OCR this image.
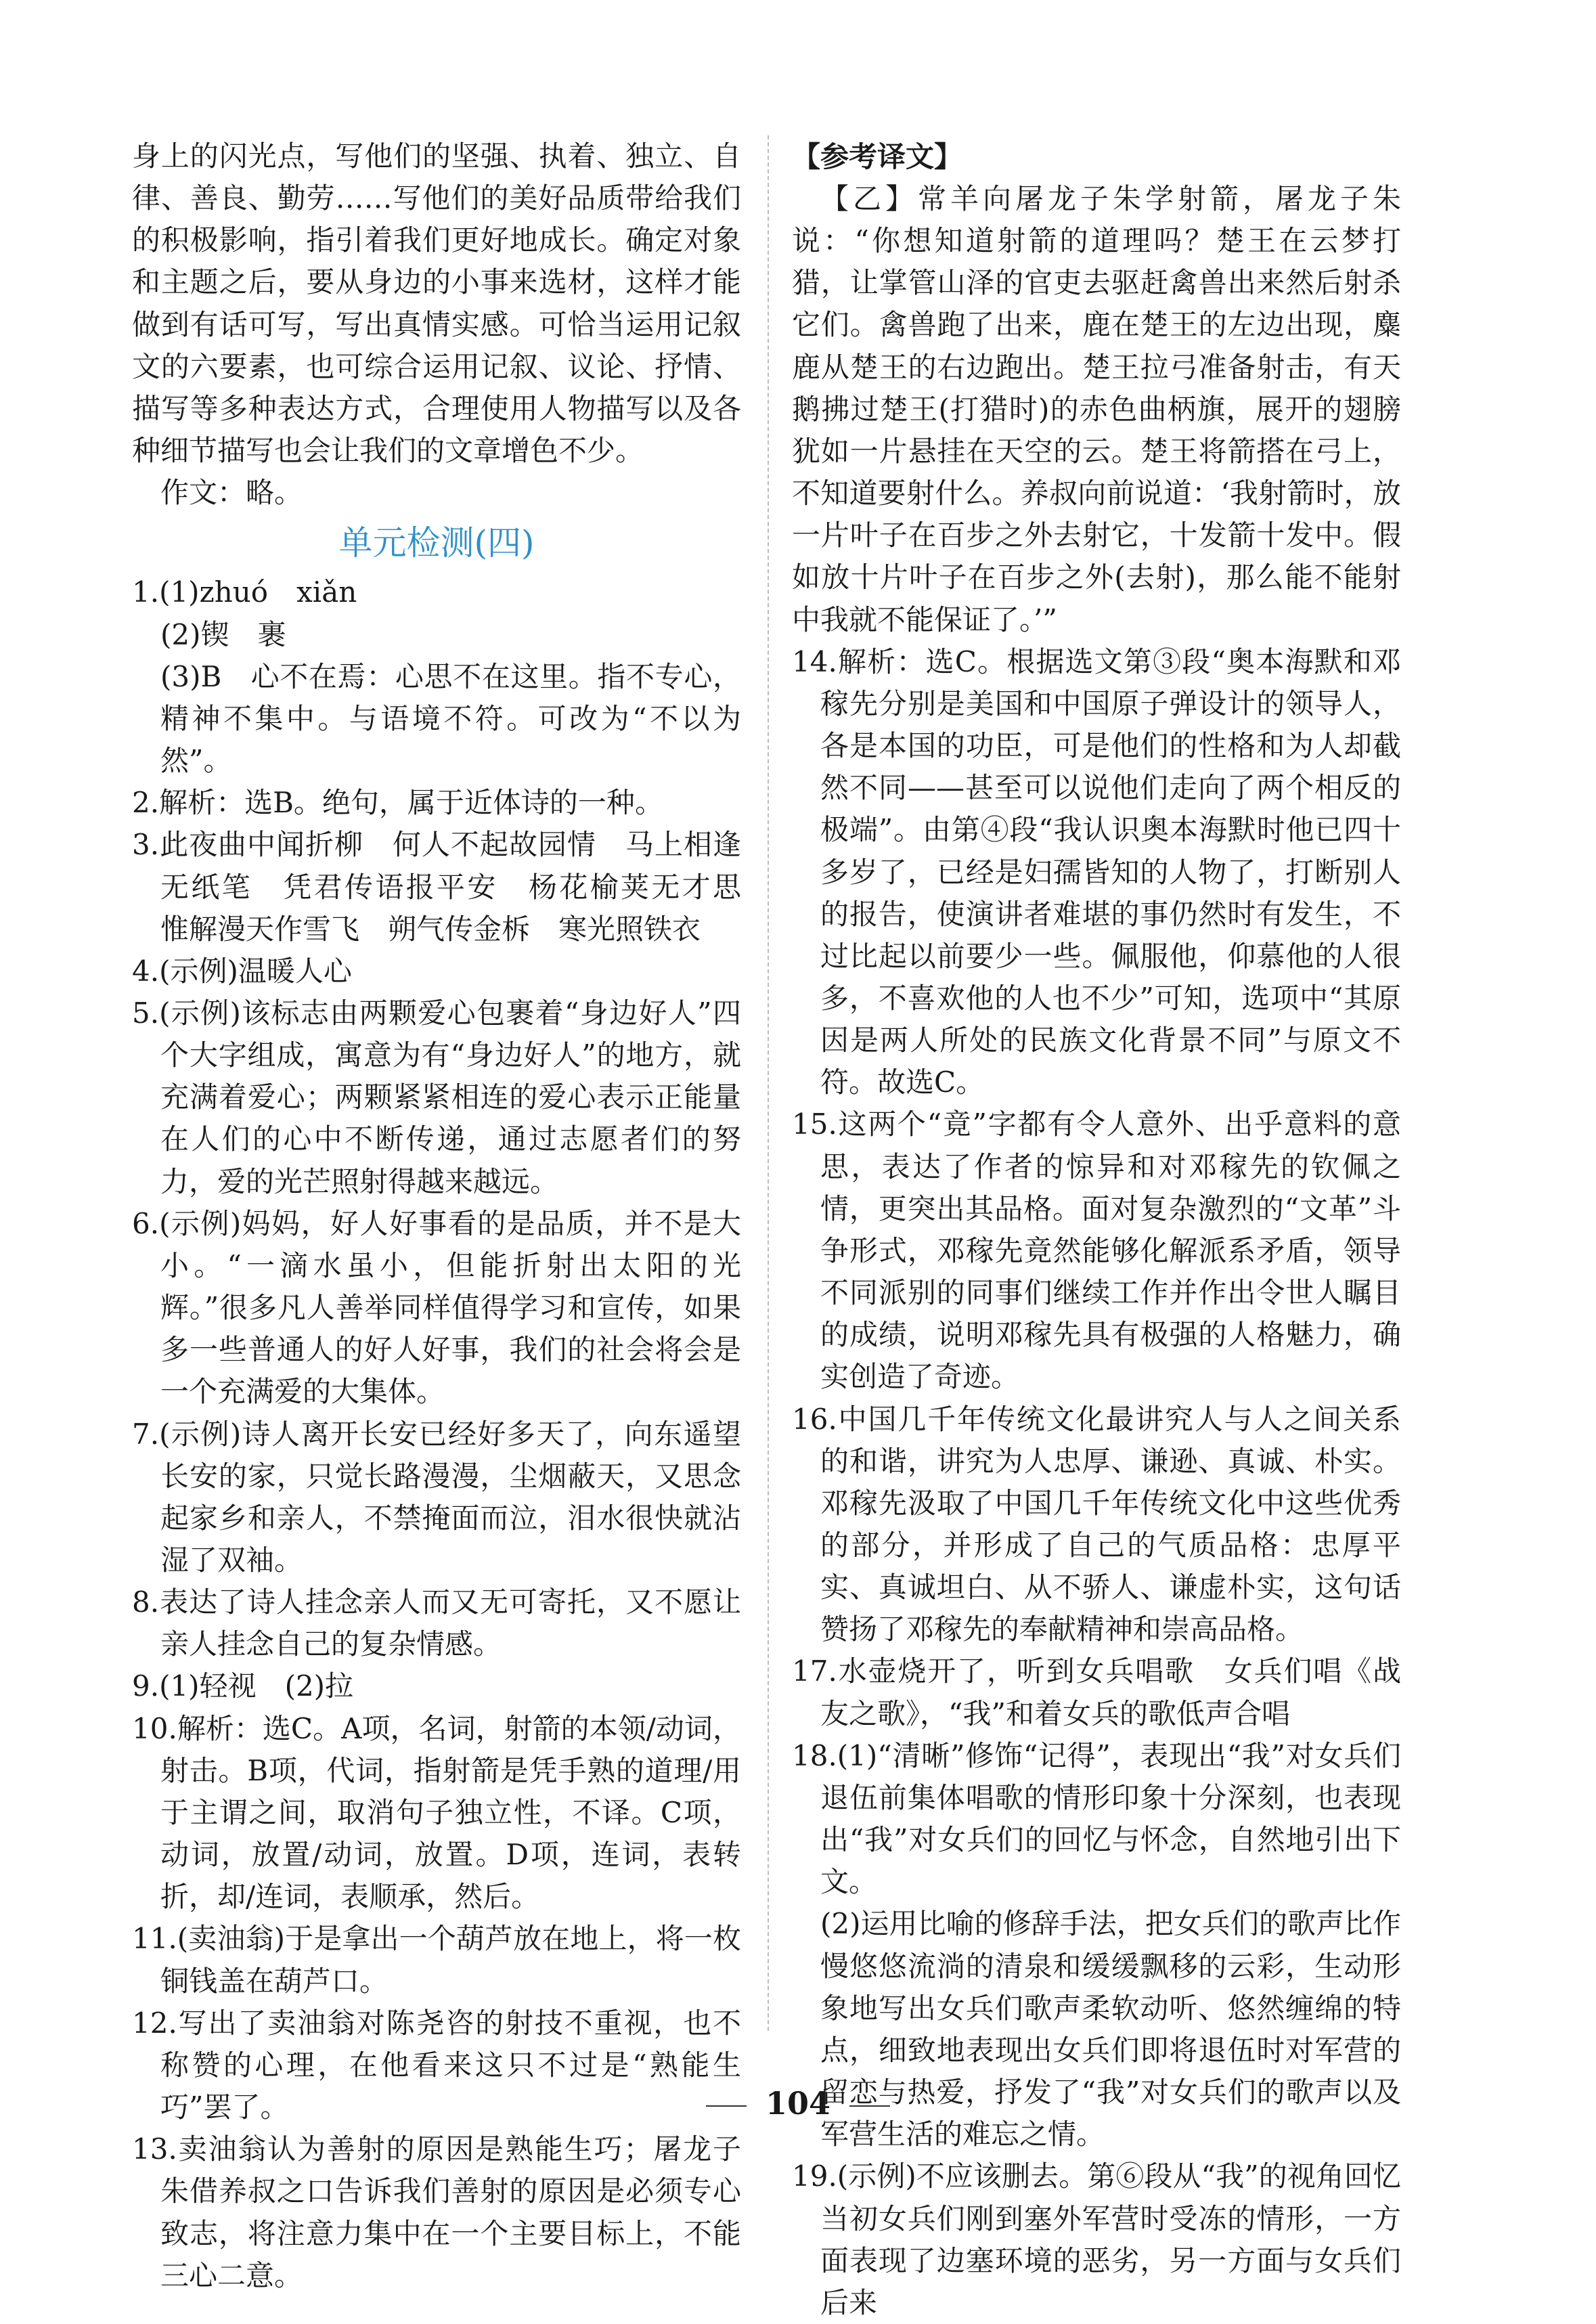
身上的闪光点，写他们的坚强、执着、独立、自律、善良、勤劳……写他们的美好品质带给我们的积极影响，指引着我们更好地成长。确定对象和主题之后，要从身边的小事来选材，这样才能做到有话可写，写出真情实感。可恰当运用记叙文的六要素，也可综合运用记叙、议论、抒情、描写等多种表达方式，合理使用人物描写以及各种细节描写也会让我们的文章增色不少。

作文：略。

单元检测(四)
1.(1)zhuó　xiǎn
(2)锲　裹
(3)B　心不在焉：心思不在这里。指不专心，精神不集中。与语境不符。可改为“不以为然”。
2.解析：选B。绝句，属于近体诗的一种。
3.此夜曲中闻折柳　何人不起故园情　马上相逢无纸笔　凭君传语报平安　杨花榆荚无才思　惟解漫天作雪飞　朔气传金柝　寒光照铁衣
4.(示例)温暖人心
5.(示例)该标志由两颗爱心包裹着“身边好人”四个大字组成，寓意为有“身边好人”的地方，就充满着爱心；两颗紧紧相连的爱心表示正能量在人们的心中不断传递，通过志愿者们的努力，爱的光芒照射得越来越远。
6.(示例)妈妈，好人好事看的是品质，并不是大小。“一滴水虽小，但能折射出太阳的光辉。”很多凡人善举同样值得学习和宣传，如果多一些普通人的好人好事，我们的社会将会是一个充满爱的大集体。
7.(示例)诗人离开长安已经好多天了，向东遥望长安的家，只觉长路漫漫，尘烟蔽天，又思念起家乡和亲人，不禁掩面而泣，泪水很快就沾湿了双袖。
8.表达了诗人挂念亲人而又无可寄托，又不愿让亲人挂念自己的复杂情感。
9.(1)轻视　(2)拉
10.解析：选C。A项，名词，射箭的本领/动词，射击。B项，代词，指射箭是凭手熟的道理/用于主谓之间，取消句子独立性，不译。C项，动词，放置/动词，放置。D项，连词，表转折，却/连词，表顺承，然后。
11.(卖油翁)于是拿出一个葫芦放在地上，将一枚铜钱盖在葫芦口。
12.写出了卖油翁对陈尧咨的射技不重视，也不称赞的心理，在他看来这只不过是“熟能生巧”罢了。
13.卖油翁认为善射的原因是熟能生巧；屠龙子朱借养叔之口告诉我们善射的原因是必须专心致志，将注意力集中在一个主要目标上，不能三心二意。
【参考译文】

【乙】常羊向屠龙子朱学射箭，屠龙子朱说：“你想知道射箭的道理吗？楚王在云梦打猎，让掌管山泽的官吏去驱赶禽兽出来然后射杀它们。禽兽跑了出来，鹿在楚王的左边出现，麋鹿从楚王的右边跑出。楚王拉弓准备射击，有天鹅拂过楚王(打猎时)的赤色曲柄旗，展开的翅膀犹如一片悬挂在天空的云。楚王将箭搭在弓上，不知道要射什么。养叔向前说道：‘我射箭时，放一片叶子在百步之外去射它，十发箭十发中。假如放十片叶子在百步之外(去射)，那么能不能射中我就不能保证了。’”

14.解析：选C。根据选文第③段“奥本海默和邓稼先分别是美国和中国原子弹设计的领导人，各是本国的功臣，可是他们的性格和为人却截然不同——甚至可以说他们走向了两个相反的极端”。由第④段“我认识奥本海默时他已四十多岁了，已经是妇孺皆知的人物了，打断别人的报告，使演讲者难堪的事仍然时有发生，不过比起以前要少一些。佩服他，仰慕他的人很多，不喜欢他的人也不少”可知，选项中“其原因是两人所处的民族文化背景不同”与原文不符。故选C。
15.这两个“竟”字都有令人意外、出乎意料的意思，表达了作者的惊异和对邓稼先的钦佩之情，更突出其品格。面对复杂激烈的“文革”斗争形式，邓稼先竟然能够化解派系矛盾，领导不同派别的同事们继续工作并作出令世人瞩目的成绩，说明邓稼先具有极强的人格魅力，确实创造了奇迹。
16.中国几千年传统文化最讲究人与人之间关系的和谐，讲究为人忠厚、谦逊、真诚、朴实。邓稼先汲取了中国几千年传统文化中这些优秀的部分，并形成了自己的气质品格：忠厚平实、真诚坦白、从不骄人、谦虚朴实，这句话赞扬了邓稼先的奉献精神和崇高品格。
17.水壶烧开了，听到女兵唱歌　女兵们唱《战友之歌》，“我”和着女兵的歌低声合唱
18.(1)“清晰”修饰“记得”，表现出“我”对女兵们退伍前集体唱歌的情形印象十分深刻，也表现出“我”对女兵们的回忆与怀念，自然地引出下文。
(2)运用比喻的修辞手法，把女兵们的歌声比作慢悠悠流淌的清泉和缓缓飘移的云彩，生动形象地写出女兵们歌声柔软动听、悠然缠绵的特点，细致地表现出女兵们即将退伍时对军营的留恋与热爱，抒发了“我”对女兵们的歌声以及军营生活的难忘之情。
19.(示例)不应该删去。第⑥段从“我”的视角回忆当初女兵们刚到塞外军营时受冻的情形，一方面表现了边塞环境的恶劣，另一方面与女兵们后来
104
